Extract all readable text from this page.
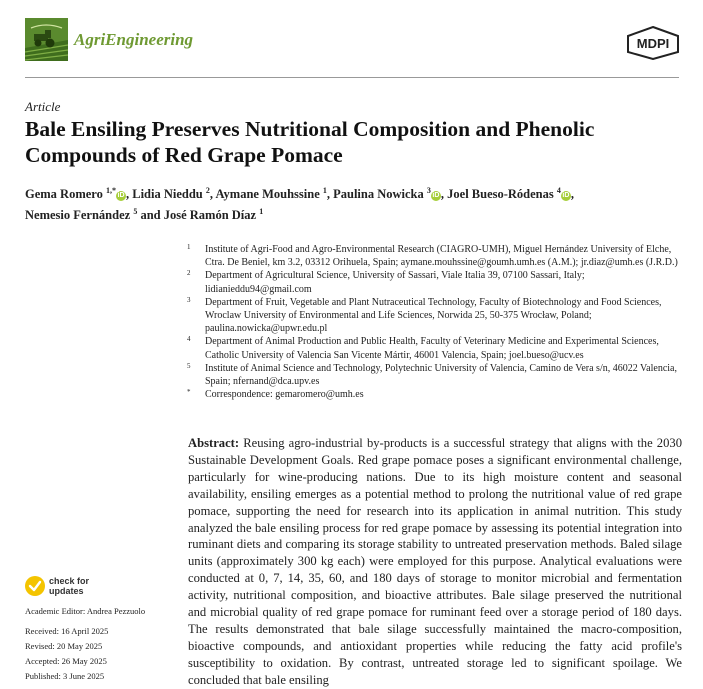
AgriEngineering	MDPI
Article
Bale Ensiling Preserves Nutritional Composition and Phenolic Compounds of Red Grape Pomace
Gema Romero $^{1,*}$iD , Lidia Nieddu $^2$, Aymane Mouhssine $^1$, Paulina Nowicka $^3$iD , Joel Bueso-Ródenas $^4$iD ,
Nemesio Fernández $^5$ and José Ramón Díaz $^1$
1 Institute of Agri-Food and Agro-Environmental Research (CIAGRO-UMH), Miguel Hernández University of Elche, Ctra. De Beniel, km 3.2, 03312 Orihuela, Spain; aymane.mouhssine@goumh.umh.es (A.M.); jr.diaz@umh.es (J.R.D.)
2 Department of Agricultural Science, University of Sassari, Viale Italia 39, 07100 Sassari, Italy; lidianieddu94@gmail.com
3 Department of Fruit, Vegetable and Plant Nutraceutical Technology, Faculty of Biotechnology and Food Sciences, Wroclaw University of Environmental and Life Sciences, Norwida 25, 50-375 Wrocław, Poland; paulina.nowicka@upwr.edu.pl
4 Department of Animal Production and Public Health, Faculty of Veterinary Medicine and Experimental Sciences, Catholic University of Valencia San Vicente Mártir, 46001 Valencia, Spain; joel.bueso@ucv.es
5 Institute of Animal Science and Technology, Polytechnic University of Valencia, Camino de Vera s/n, 46022 Valencia, Spain; nfernand@dca.upv.es
* Correspondence: gemaromero@umh.es
Abstract: Reusing agro-industrial by-products is a successful strategy that aligns with the 2030 Sustainable Development Goals. Red grape pomace poses a significant environmental challenge, particularly for wine-producing nations. Due to its high moisture content and seasonal availability, ensiling emerges as a potential method to prolong the nutritional value of red grape pomace, supporting the need for research into its application in animal nutrition. This study analyzed the bale ensiling process for red grape pomace by assessing its potential integration into ruminant diets and comparing its storage stability to untreated preservation methods. Baled silage units (approximately 300 kg each) were employed for this purpose. Analytical evaluations were conducted at 0, 7, 14, 35, 60, and 180 days of storage to monitor microbial and fermentation activity, nutritional composition, and bioactive attributes. Bale silage preserved the nutritional and microbial quality of red grape pomace for ruminant feed over a storage period of 180 days. The results demonstrated that bale silage successfully maintained the macro-composition, bioactive compounds, and antioxidant properties while reducing the fatty acid profile's susceptibility to oxidation. By contrast, untreated storage led to significant spoilage. We concluded that bale ensiling
check for
updates
Academic Editor: Andrea Pezzuolo
Received: 16 April 2025
Revised: 20 May 2025
Accepted: 26 May 2025
Published: 3 June 2025
